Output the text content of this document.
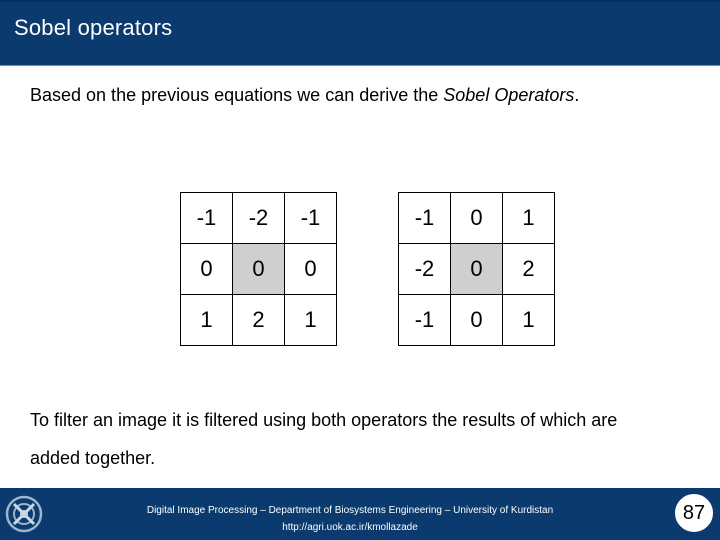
Sobel operators
Based on the previous equations we can derive the Sobel Operators.
-1	-2	-1
0	0	0
1	2	1
-1	0	1
-2	0	2
-1	0	1
To filter an image it is filtered using both operators the results of which are
added together.
Digital Image Processing – Department of Biosystems Engineering – University of Kurdistan
http://agri.uok.ac.ir/kmollazade
87
